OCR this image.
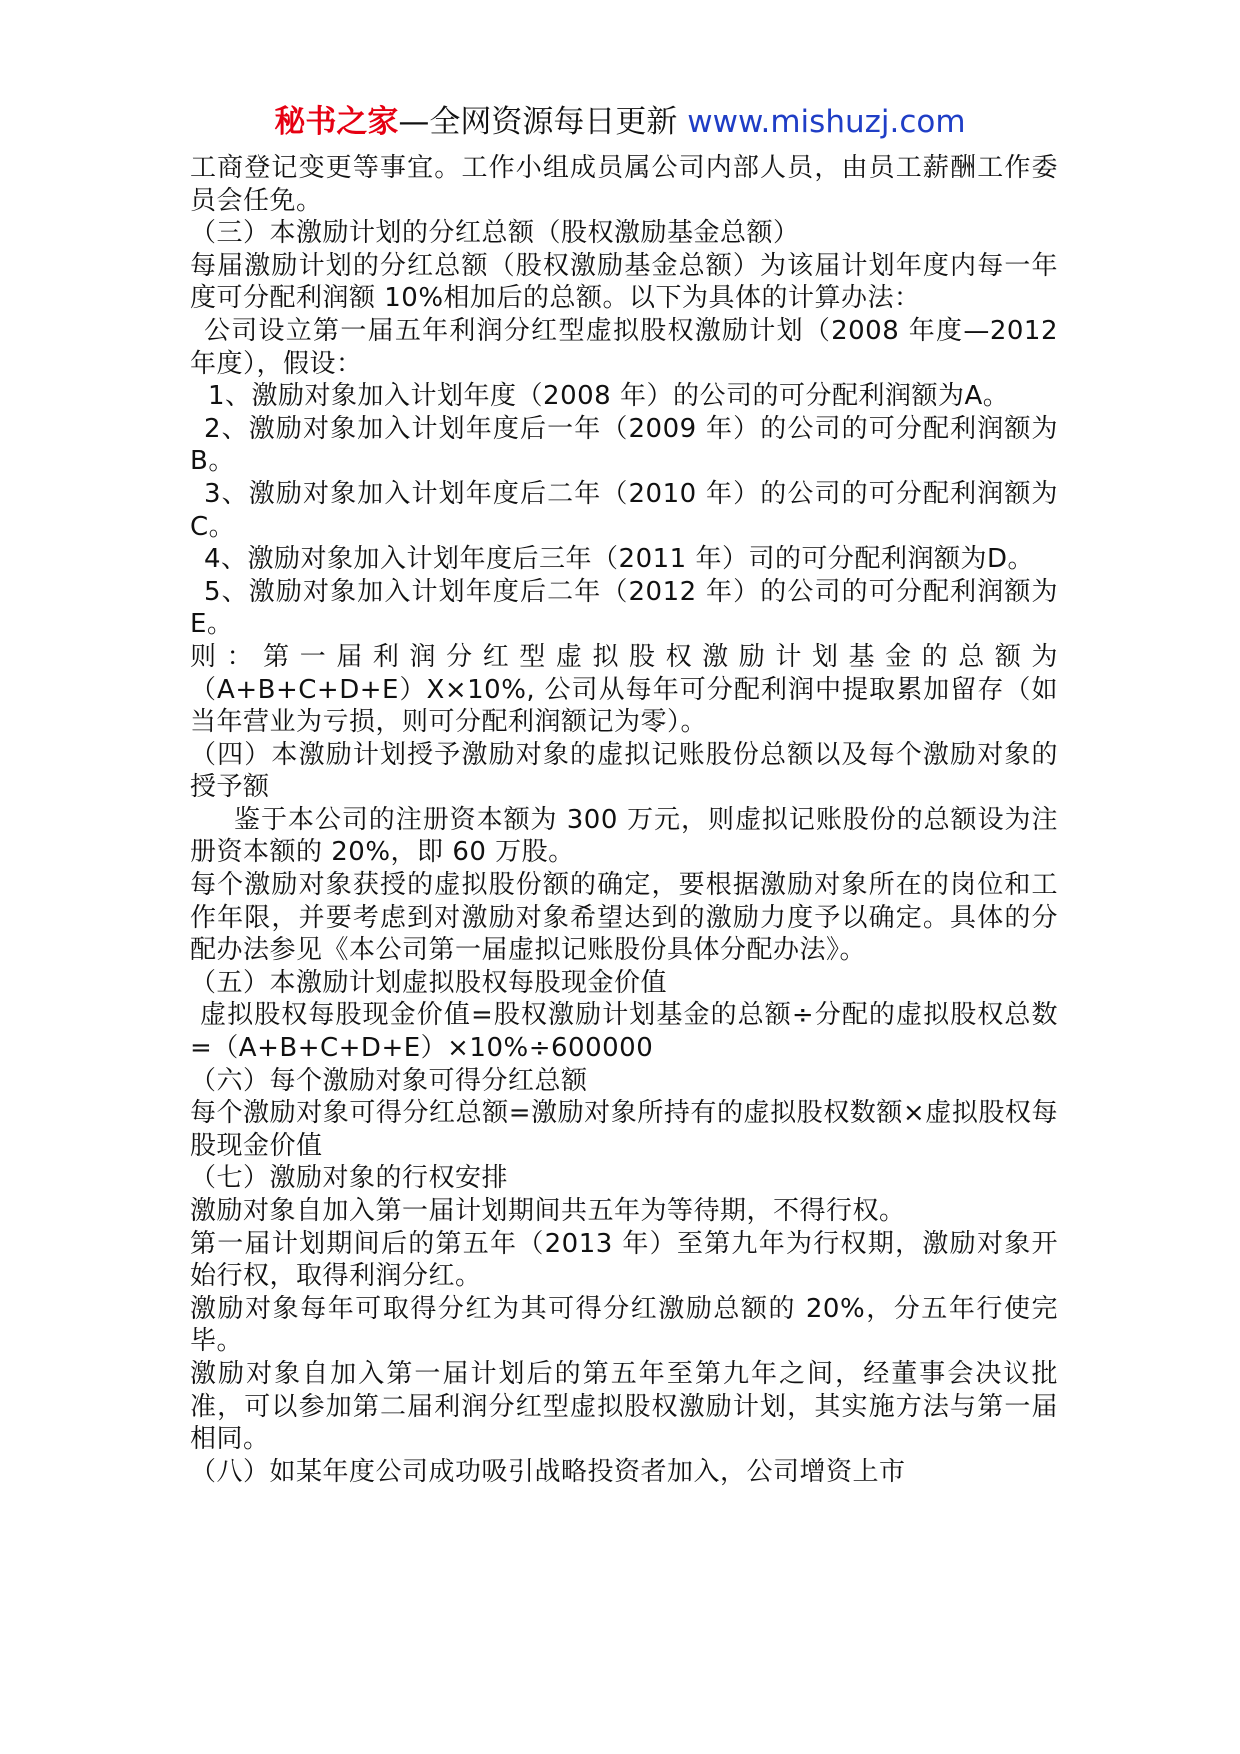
秘书之家—全网资源每日更新 www.mishuzj.com

工商登记变更等事宜。工作小组成员属公司内部人员，由员工薪酬工作委员会任免。

（三）本激励计划的分红总额（股权激励基金总额）

每届激励计划的分红总额（股权激励基金总额）为该届计划年度内每一年度可分配利润额 10%相加后的总额。以下为具体的计算办法：

公司设立第一届五年利润分红型虚拟股权激励计划（2008 年度—2012 年度），假设：

1、激励对象加入计划年度（2008 年）的公司的可分配利润额为A。

2、激励对象加入计划年度后一年（2009 年）的公司的可分配利润额为 B。

3、激励对象加入计划年度后二年（2010 年）的公司的可分配利润额为 C。

4、激励对象加入计划年度后三年（2011 年）司的可分配利润额为D。

5、激励对象加入计划年度后二年（2012 年）的公司的可分配利润额为 E。

则：第一届利润分红型虚拟股权激励计划基金的总额为

（A+B+C+D+E）X×10%, 公司从每年可分配利润中提取累加留存（如当年营业为亏损，则可分配利润额记为零）。

（四）本激励计划授予激励对象的虚拟记账股份总额以及每个激励对象的授予额

鉴于本公司的注册资本额为 300 万元，则虚拟记账股份的总额设为注册资本额的 20%，即 60 万股。

每个激励对象获授的虚拟股份额的确定，要根据激励对象所在的岗位和工作年限，并要考虑到对激励对象希望达到的激励力度予以确定。具体的分配办法参见《本公司第一届虚拟记账股份具体分配办法》。

（五）本激励计划虚拟股权每股现金价值

虚拟股权每股现金价值=股权激励计划基金的总额÷分配的虚拟股权总数=（A+B+C+D+E）×10%÷600000

（六）每个激励对象可得分红总额

每个激励对象可得分红总额=激励对象所持有的虚拟股权数额×虚拟股权每股现金价值

（七）激励对象的行权安排

激励对象自加入第一届计划期间共五年为等待期，不得行权。

第一届计划期间后的第五年（2013 年）至第九年为行权期，激励对象开始行权，取得利润分红。

激励对象每年可取得分红为其可得分红激励总额的 20%，分五年行使完毕。

激励对象自加入第一届计划后的第五年至第九年之间，经董事会决议批准，可以参加第二届利润分红型虚拟股权激励计划，其实施方法与第一届相同。

（八）如某年度公司成功吸引战略投资者加入，公司增资上市
